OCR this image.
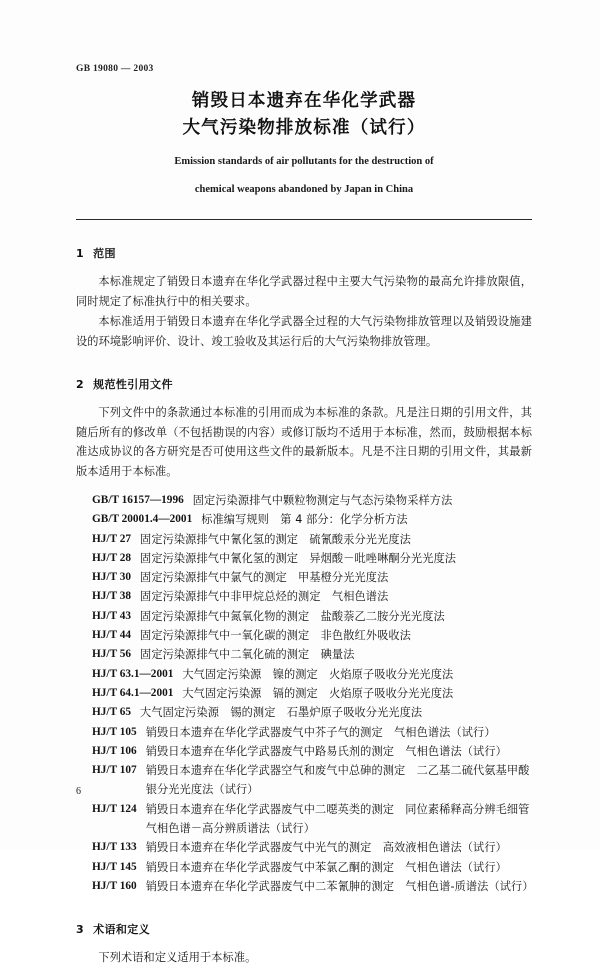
GB 19080 — 2003
销毁日本遗弃在华化学武器
大气污染物排放标准（试行）
Emission standards of air pollutants for the destruction of
chemical weapons abandoned by Japan in China
1 范围

本标准规定了销毁日本遗弃在华化学武器过程中主要大气污染物的最高允许排放限值，同时规定了标准执行中的相关要求。

本标准适用于销毁日本遗弃在华化学武器全过程的大气污染物排放管理以及销毁设施建设的环境影响评价、设计、竣工验收及其运行后的大气污染物排放管理。

2 规范性引用文件

下列文件中的条款通过本标准的引用而成为本标准的条款。凡是注日期的引用文件，其随后所有的修改单（不包括勘误的内容）或修订版均不适用于本标准，然而，鼓励根据本标准达成协议的各方研究是否可使用这些文件的最新版本。凡是不注日期的引用文件，其最新版本适用于本标准。

GB/T 16157—1996 固定污染源排气中颗粒物测定与气态污染物采样方法
GB/T 20001.4—2001 标准编写规则　第 4 部分：化学分析方法
HJ/T 27 固定污染源排气中氰化氢的测定　硫氰酸汞分光光度法
HJ/T 28 固定污染源排气中氰化氢的测定　异烟酸－吡唑啉酮分光光度法
HJ/T 30 固定污染源排气中氯气的测定　甲基橙分光光度法
HJ/T 38 固定污染源排气中非甲烷总烃的测定　气相色谱法
HJ/T 43 固定污染源排气中氮氧化物的测定　盐酸萘乙二胺分光光度法
HJ/T 44 固定污染源排气中一氧化碳的测定　非色散红外吸收法
HJ/T 56 固定污染源排气中二氧化硫的测定　碘量法
HJ/T 63.1—2001 大气固定污染源　镍的测定　火焰原子吸收分光光度法
HJ/T 64.1—2001 大气固定污染源　镉的测定　火焰原子吸收分光光度法
HJ/T 65 大气固定污染源　锡的测定　石墨炉原子吸收分光光度法
HJ/T 105 销毁日本遗弃在华化学武器废气中芥子气的测定　气相色谱法（试行）
HJ/T 106 销毁日本遗弃在华化学武器废气中路易氏剂的测定　气相色谱法（试行）
HJ/T 107 销毁日本遗弃在华化学武器空气和废气中总砷的测定　二乙基二硫代氨基甲酸银分光光度法（试行）
HJ/T 124 销毁日本遗弃在华化学武器废气中二噁英类的测定　同位素稀释高分辨毛细管气相色谱－高分辨质谱法（试行）
HJ/T 133 销毁日本遗弃在华化学武器废气中光气的测定　高效液相色谱法（试行）
HJ/T 145 销毁日本遗弃在华化学武器废气中苯氯乙酮的测定　气相色谱法（试行）
HJ/T 160 销毁日本遗弃在华化学武器废气中二苯氰胂的测定　气相色谱-质谱法（试行）
3 术语和定义

下列术语和定义适用于本标准。

6
